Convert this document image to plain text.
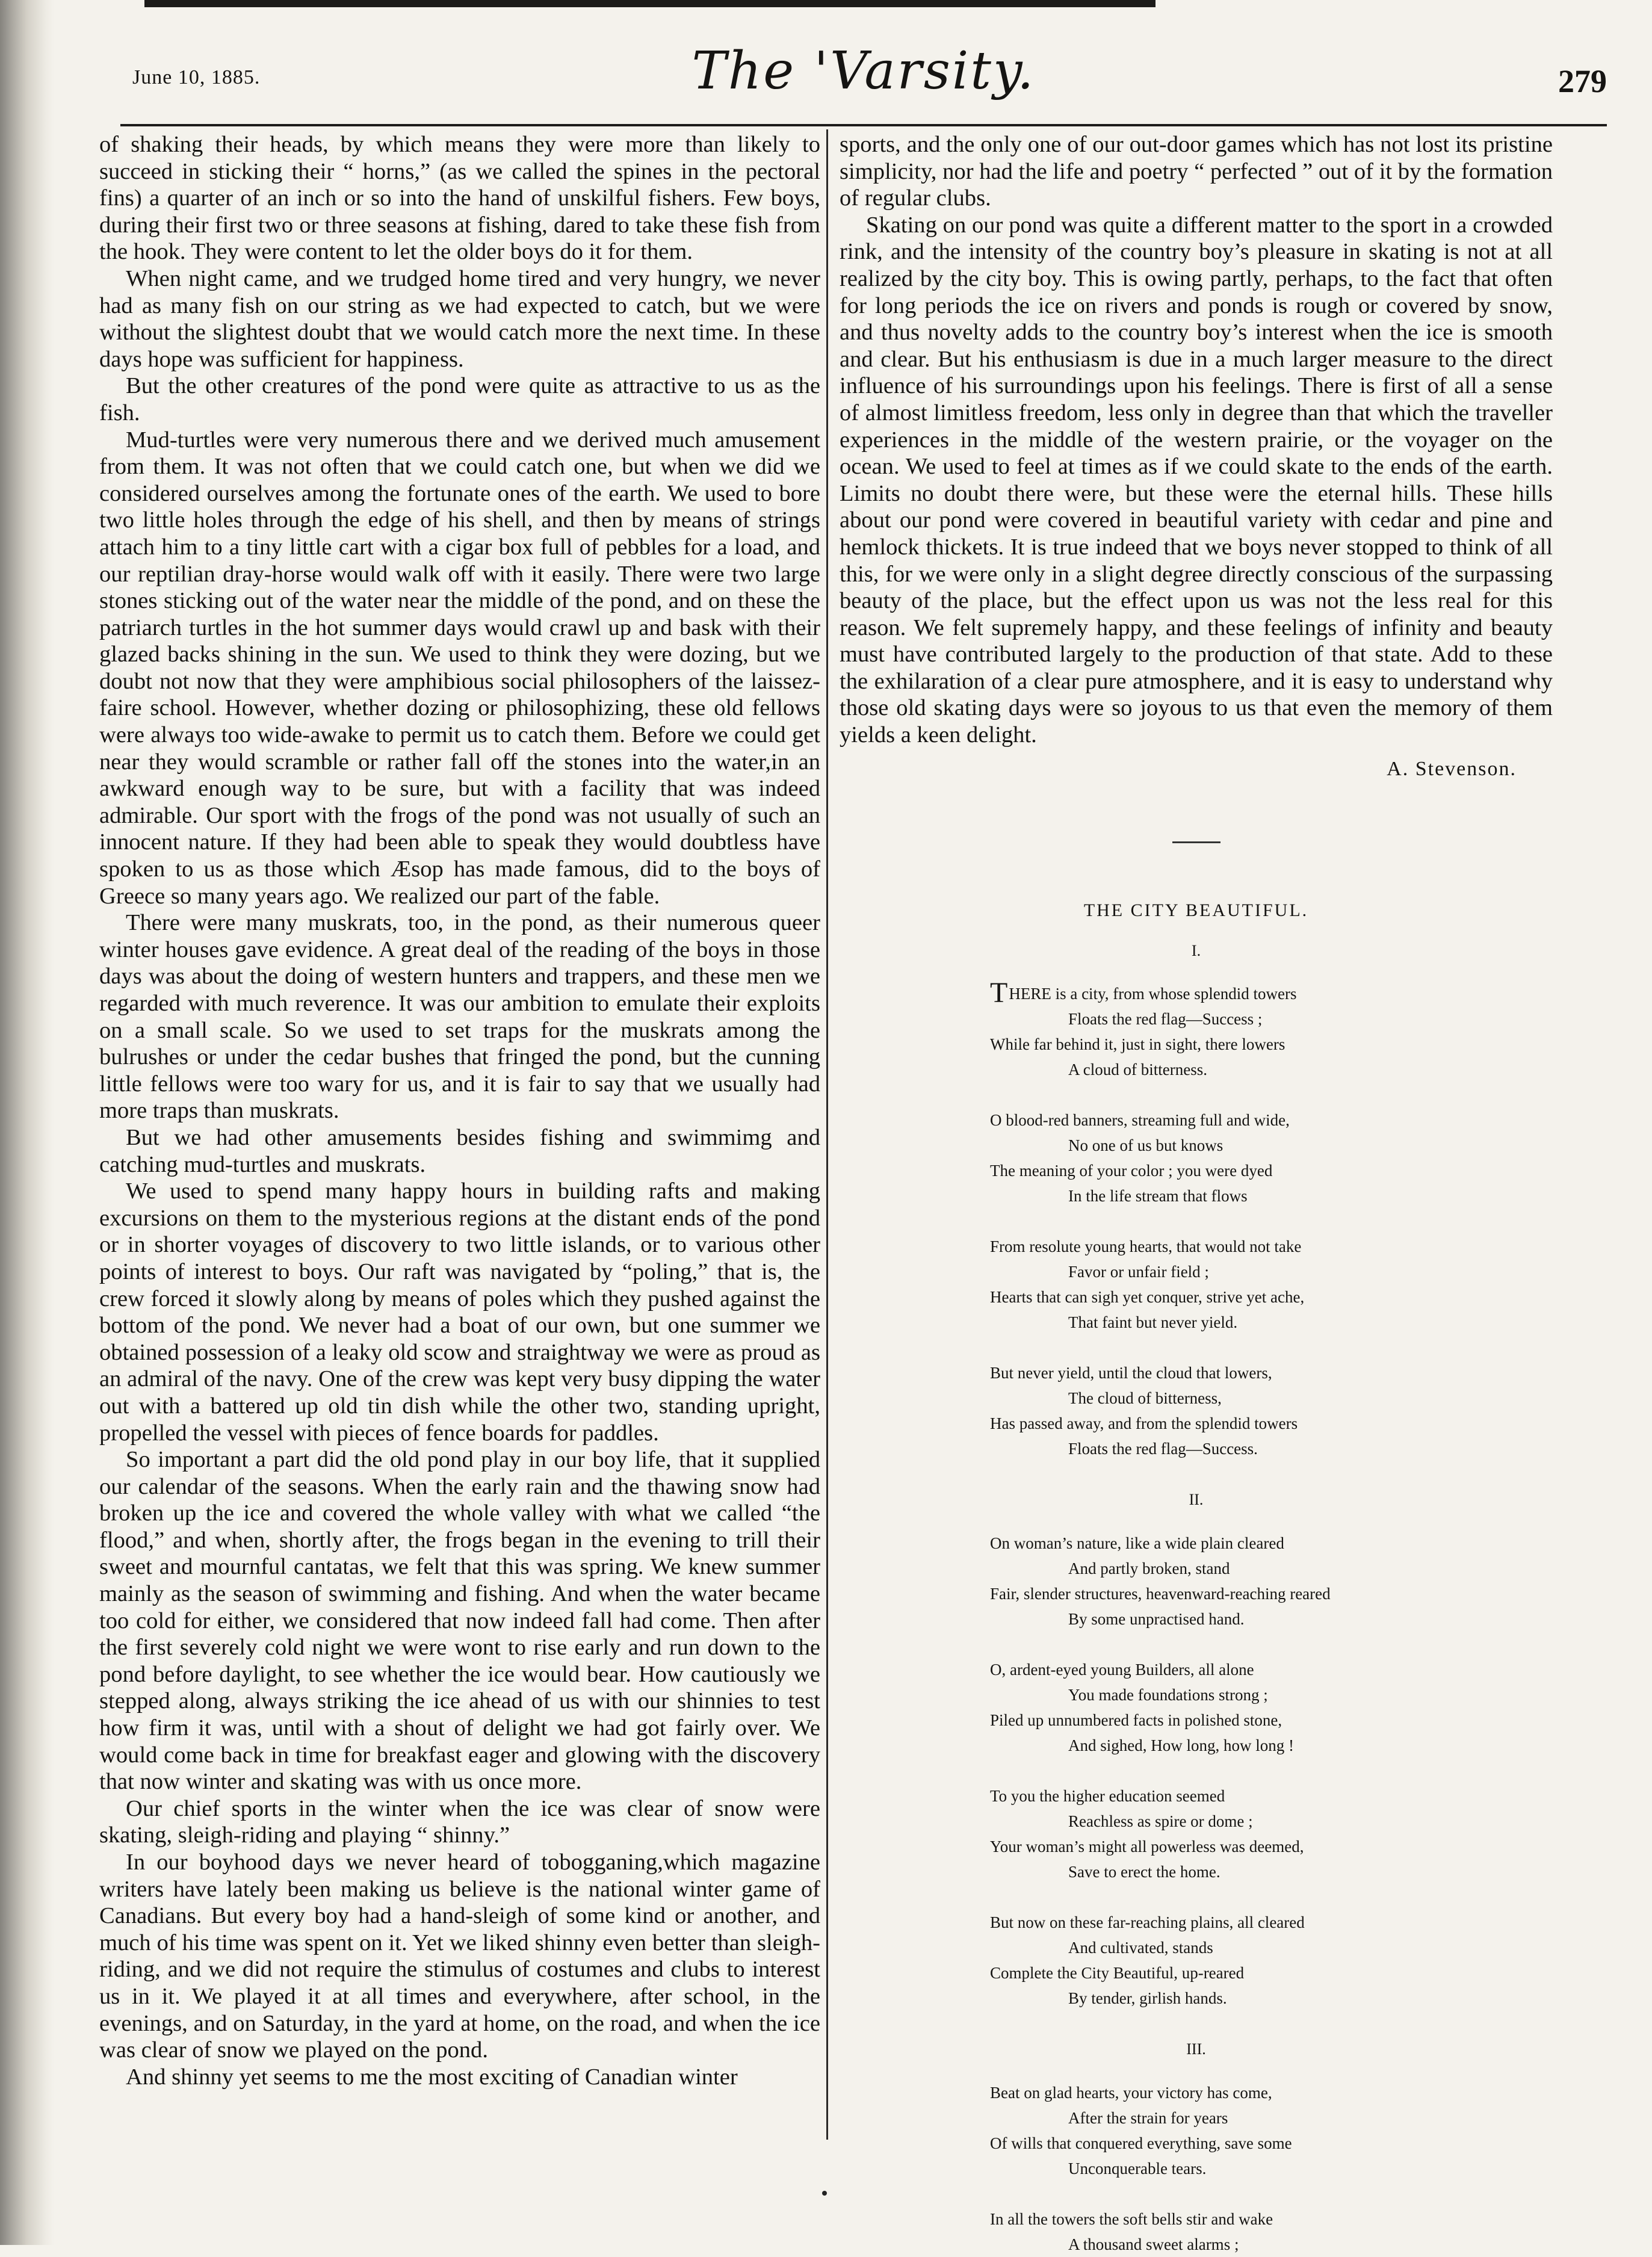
June 10, 1885.	The 'Varsity.	279

of shaking their heads, by which means they were more than likely to succeed in sticking their “ horns,” (as we called the spines in the pectoral fins) a quarter of an inch or so into the hand of unskilful fishers. Few boys, during their first two or three seasons at fishing, dared to take these fish from the hook. They were content to let the older boys do it for them.

When night came, and we trudged home tired and very hungry, we never had as many fish on our string as we had expected to catch, but we were without the slightest doubt that we would catch more the next time. In these days hope was sufficient for happiness.

But the other creatures of the pond were quite as attractive to us as the fish.

Mud-turtles were very numerous there and we derived much amusement from them. It was not often that we could catch one, but when we did we considered ourselves among the fortunate ones of the earth. We used to bore two little holes through the edge of his shell, and then by means of strings attach him to a tiny little cart with a cigar box full of pebbles for a load, and our reptilian dray-horse would walk off with it easily. There were two large stones sticking out of the water near the middle of the pond, and on these the patriarch turtles in the hot summer days would crawl up and bask with their glazed backs shining in the sun. We used to think they were dozing, but we doubt not now that they were amphibious social philosophers of the laissez-faire school. However, whether dozing or philosophizing, these old fellows were always too wide-awake to permit us to catch them. Before we could get near they would scramble or rather fall off the stones into the water,in an awkward enough way to be sure, but with a facility that was indeed admirable. Our sport with the frogs of the pond was not usually of such an innocent nature. If they had been able to speak they would doubtless have spoken to us as those which Æsop has made famous, did to the boys of Greece so many years ago. We realized our part of the fable.

There were many muskrats, too, in the pond, as their numerous queer winter houses gave evidence. A great deal of the reading of the boys in those days was about the doing of western hunters and trappers, and these men we regarded with much reverence. It was our ambition to emulate their exploits on a small scale. So we used to set traps for the muskrats among the bulrushes or under the cedar bushes that fringed the pond, but the cunning little fellows were too wary for us, and it is fair to say that we usually had more traps than muskrats.

But we had other amusements besides fishing and swimmimg and catching mud-turtles and muskrats.

We used to spend many happy hours in building rafts and making excursions on them to the mysterious regions at the distant ends of the pond or in shorter voyages of discovery to two little islands, or to various other points of interest to boys. Our raft was navigated by “poling,” that is, the crew forced it slowly along by means of poles which they pushed against the bottom of the pond. We never had a boat of our own, but one summer we obtained possession of a leaky old scow and straightway we were as proud as an admiral of the navy. One of the crew was kept very busy dipping the water out with a battered up old tin dish while the other two, standing upright, propelled the vessel with pieces of fence boards for paddles.

So important a part did the old pond play in our boy life, that it supplied our calendar of the seasons. When the early rain and the thawing snow had broken up the ice and covered the whole valley with what we called “the flood,” and when, shortly after, the frogs began in the evening to trill their sweet and mournful cantatas, we felt that this was spring. We knew summer mainly as the season of swimming and fishing. And when the water became too cold for either, we considered that now indeed fall had come. Then after the first severely cold night we were wont to rise early and run down to the pond before daylight, to see whether the ice would bear. How cautiously we stepped along, always striking the ice ahead of us with our shinnies to test how firm it was, until with a shout of delight we had got fairly over. We would come back in time for breakfast eager and glowing with the discovery that now winter and skating was with us once more.

Our chief sports in the winter when the ice was clear of snow were skating, sleigh-riding and playing “ shinny.”

In our boyhood days we never heard of tobogganing,which magazine writers have lately been making us believe is the national winter game of Canadians. But every boy had a hand-sleigh of some kind or another, and much of his time was spent on it. Yet we liked shinny even better than sleigh-riding, and we did not require the stimulus of costumes and clubs to interest us in it. We played it at all times and everywhere, after school, in the evenings, and on Saturday, in the yard at home, on the road, and when the ice was clear of snow we played on the pond.

And shinny yet seems to me the most exciting of Canadian winter

sports, and the only one of our out-door games which has not lost its pristine simplicity, nor had the life and poetry “ perfected ” out of it by the formation of regular clubs.

Skating on our pond was quite a different matter to the sport in a crowded rink, and the intensity of the country boy’s pleasure in skating is not at all realized by the city boy. This is owing partly, perhaps, to the fact that often for long periods the ice on rivers and ponds is rough or covered by snow, and thus novelty adds to the country boy’s interest when the ice is smooth and clear. But his enthusiasm is due in a much larger measure to the direct influence of his surroundings upon his feelings. There is first of all a sense of almost limitless freedom, less only in degree than that which the traveller experiences in the middle of the western prairie, or the voyager on the ocean. We used to feel at times as if we could skate to the ends of the earth. Limits no doubt there were, but these were the eternal hills. These hills about our pond were covered in beautiful variety with cedar and pine and hemlock thickets. It is true indeed that we boys never stopped to think of all this, for we were only in a slight degree directly conscious of the surpassing beauty of the place, but the effect upon us was not the less real for this reason. We felt supremely happy, and these feelings of infinity and beauty must have contributed largely to the production of that state. Add to these the exhilaration of a clear pure atmosphere, and it is easy to understand why those old skating days were so joyous to us that even the memory of them yields a keen delight.

A. Stevenson.
THE CITY BEAUTIFUL.
I.
THERE is a city, from whose splendid towers
Floats the red flag—Success ;
While far behind it, just in sight, there lowers
A cloud of bitterness.
O blood-red banners, streaming full and wide,
No one of us but knows
The meaning of your color ; you were dyed
In the life stream that flows
From resolute young hearts, that would not take
Favor or unfair field ;
Hearts that can sigh yet conquer, strive yet ache,
That faint but never yield.
But never yield, until the cloud that lowers,
The cloud of bitterness,
Has passed away, and from the splendid towers
Floats the red flag—Success.
II.
On woman’s nature, like a wide plain cleared
And partly broken, stand
Fair, slender structures, heavenward-reaching reared
By some unpractised hand.
O, ardent-eyed young Builders, all alone
You made foundations strong ;
Piled up unnumbered facts in polished stone,
And sighed, How long, how long !
To you the higher education seemed
Reachless as spire or dome ;
Your woman’s might all powerless was deemed,
Save to erect the home.
But now on these far-reaching plains, all cleared
And cultivated, stands
Complete the City Beautiful, up-reared
By tender, girlish hands.
III.
Beat on glad hearts, your victory has come,
After the strain for years
Of wills that conquered everything, save some
Unconquerable tears.
In all the towers the soft bells stir and wake
A thousand sweet alarms ;
